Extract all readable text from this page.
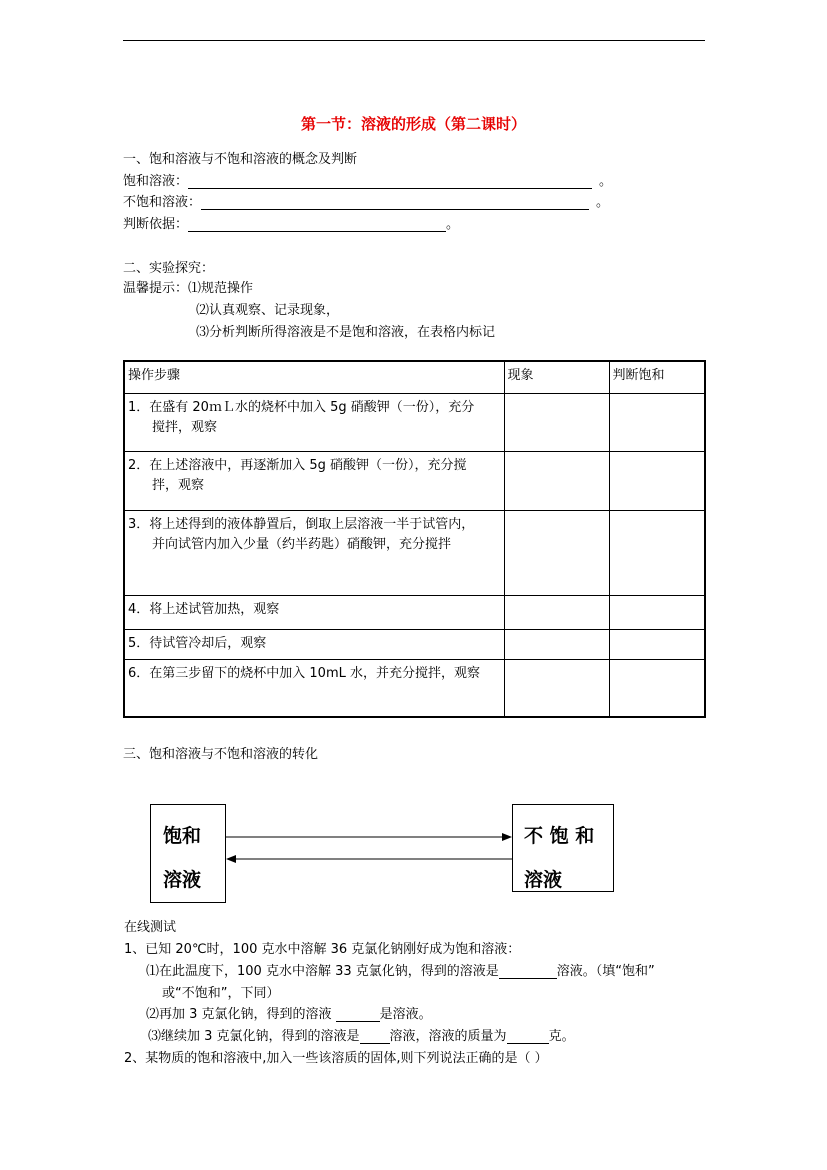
第一节：溶液的形成（第二课时）
一、饱和溶液与不饱和溶液的概念及判断
饱和溶液：	。
不饱和溶液：	。
判断依据：	。
二、实验探究：
温馨提示：⑴规范操作
⑵认真观察、记录现象，
⑶分析判断所得溶液是不是饱和溶液，在表格内标记
操作步骤	现象	判断饱和

1．在盛有 20ｍＬ水的烧杯中加入 5g 硝酸钾（一份），充分
搅拌，观察		

2．在上述溶液中，再逐渐加入 5g 硝酸钾（一份），充分搅
拌，观察		

3．将上述得到的液体静置后，倒取上层溶液一半于试管内，
并向试管内加入少量（约半药匙）硝酸钾，充分搅拌		

4．将上述试管加热，观察		

5．待试管冷却后，观察		

6．在第三步留下的烧杯中加入 10mL 水，并充分搅拌，观察		

三、饱和溶液与不饱和溶液的转化
饱和
溶液
不 饱 和
溶液
在线测试
1、已知 20℃时，100 克水中溶解 36 克氯化钠刚好成为饱和溶液：
⑴在此温度下，100 克水中溶解 33 克氯化钠，得到的溶液是	溶液。（填“饱和”
或“不饱和”，下同）
⑵再加 3 克氯化钠，得到的溶液	是溶液。
⑶继续加 3 克氯化钠，得到的溶液是 溶液，溶液的质量为	克。
2、某物质的饱和溶液中,加入一些该溶质的固体,则下列说法正确的是（ ）
